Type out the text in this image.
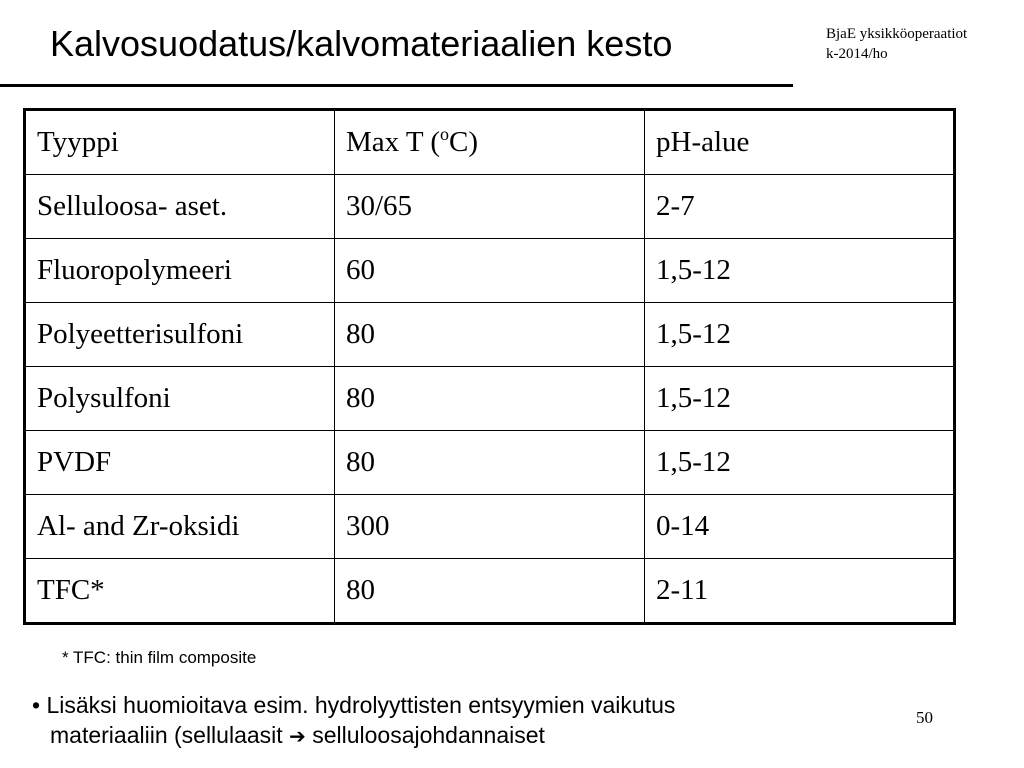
Kalvosuodatus/kalvomateriaalien kesto	BjaE yksikköoperaatiot
k-2014/ho
Tyyppi	Max T ($^o$C)	pH-alue
Selluloosa- aset.	30/65	2-7
Fluoropolymeeri	60	1,5-12
Polyeetterisulfoni	80	1,5-12
Polysulfoni	80	1,5-12
PVDF	80	1,5-12
Al- and Zr-oksidi	300	0-14
TFC*	80	2-11
* TFC: thin film composite
• Lisäksi huomioitava esim. hydrolyyttisten entsyymien vaikutus
materiaaliin (sellulaasit ➔ selluloosajohdannaiset
50
